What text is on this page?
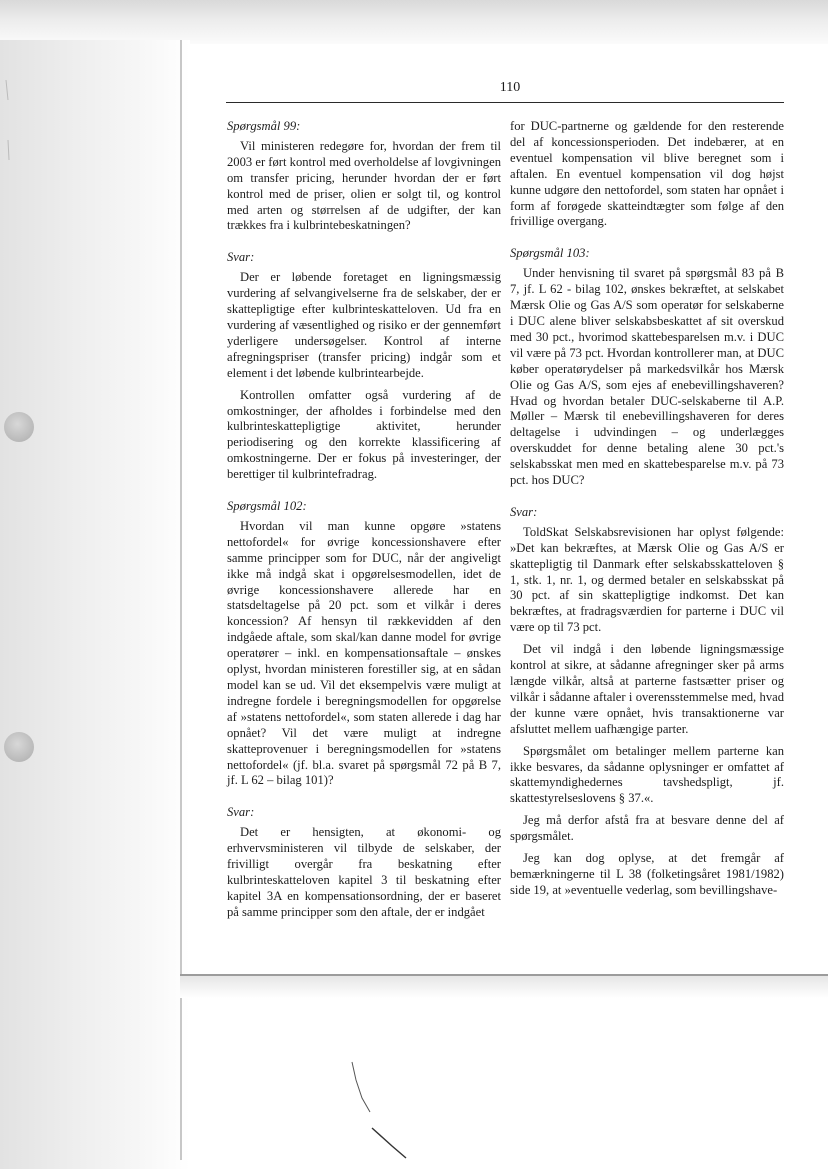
110

Spørgsmål 99:

Vil ministeren redegøre for, hvordan der frem til 2003 er ført kontrol med overholdelse af lovgivningen om transfer pricing, herunder hvordan der er ført kontrol med de priser, olien er solgt til, og kontrol med arten og størrelsen af de udgifter, der kan trækkes fra i kulbrintebeskatningen?

Svar:

Der er løbende foretaget en ligningsmæssig vurdering af selvangivelserne fra de selskaber, der er skattepligtige efter kulbrinteskatteloven. Ud fra en vurdering af væsentlighed og risiko er der gennemført yderligere undersøgelser. Kontrol af interne afregningspriser (transfer pricing) indgår som et element i det løbende kulbrintearbejde.

Kontrollen omfatter også vurdering af de omkostninger, der afholdes i forbindelse med den kulbrinteskattepligtige aktivitet, herunder periodisering og den korrekte klassificering af omkostningerne. Der er fokus på investeringer, der berettiger til kulbrintefradrag.

Spørgsmål 102:

Hvordan vil man kunne opgøre »statens nettofordel« for øvrige koncessionshavere efter samme principper som for DUC, når der angiveligt ikke må indgå skat i opgørelsesmodellen, idet de øvrige koncessionshavere allerede har en statsdeltagelse på 20 pct. som et vilkår i deres koncession? Af hensyn til rækkevidden af den indgåede aftale, som skal/kan danne model for øvrige operatører – inkl. en kompensationsaftale – ønskes oplyst, hvordan ministeren forestiller sig, at en sådan model kan se ud. Vil det eksempelvis være muligt at indregne fordele i beregningsmodellen for opgørelse af »statens nettofordel«, som staten allerede i dag har opnået? Vil det være muligt at indregne skatteprovenuer i beregningsmodellen for »statens nettofordel« (jf. bl.a. svaret på spørgsmål 72 på B 7, jf. L 62 – bilag 101)?

Svar:

Det er hensigten, at økonomi- og erhvervsministeren vil tilbyde de selskaber, der frivilligt overgår fra beskatning efter kulbrinteskatteloven kapitel 3 til beskatning efter kapitel 3A en kompensationsordning, der er baseret på samme principper som den aftale, der er indgået

for DUC-partnerne og gældende for den resterende del af koncessionsperioden. Det indebærer, at en eventuel kompensation vil blive beregnet som i aftalen. En eventuel kompensation vil dog højst kunne udgøre den nettofordel, som staten har opnået i form af forøgede skatteindtægter som følge af den frivillige overgang.

Spørgsmål 103:

Under henvisning til svaret på spørgsmål 83 på B 7, jf. L 62 - bilag 102, ønskes bekræftet, at selskabet Mærsk Olie og Gas A/S som operatør for selskaberne i DUC alene bliver selskabsbeskattet af sit overskud med 30 pct., hvorimod skattebesparelsen m.v. i DUC vil være på 73 pct. Hvordan kontrollerer man, at DUC køber operatørydelser på markedsvilkår hos Mærsk Olie og Gas A/S, som ejes af enebevillingshaveren? Hvad og hvordan betaler DUC-selskaberne til A.P. Møller – Mærsk til enebevillingshaveren for deres deltagelse i udvindingen – og underlægges overskuddet for denne betaling alene 30 pct.'s selskabsskat men med en skattebesparelse m.v. på 73 pct. hos DUC?

Svar:

ToldSkat Selskabsrevisionen har oplyst følgende: »Det kan bekræftes, at Mærsk Olie og Gas A/S er skattepligtig til Danmark efter selskabsskatteloven § 1, stk. 1, nr. 1, og dermed betaler en selskabsskat på 30 pct. af sin skattepligtige indkomst. Det kan bekræftes, at fradragsværdien for parterne i DUC vil være op til 73 pct.

Det vil indgå i den løbende ligningsmæssige kontrol at sikre, at sådanne afregninger sker på arms længde vilkår, altså at parterne fastsætter priser og vilkår i sådanne aftaler i overensstemmelse med, hvad der kunne være opnået, hvis transaktionerne var afsluttet mellem uafhængige parter.

Spørgsmålet om betalinger mellem parterne kan ikke besvares, da sådanne oplysninger er omfattet af skattemyndighedernes tavshedspligt, jf. skattestyrelseslovens § 37.«.

Jeg må derfor afstå fra at besvare denne del af spørgsmålet.

Jeg kan dog oplyse, at det fremgår af bemærkningerne til L 38 (folketingsåret 1981/1982) side 19, at »eventuelle vederlag, som bevillingshave-
